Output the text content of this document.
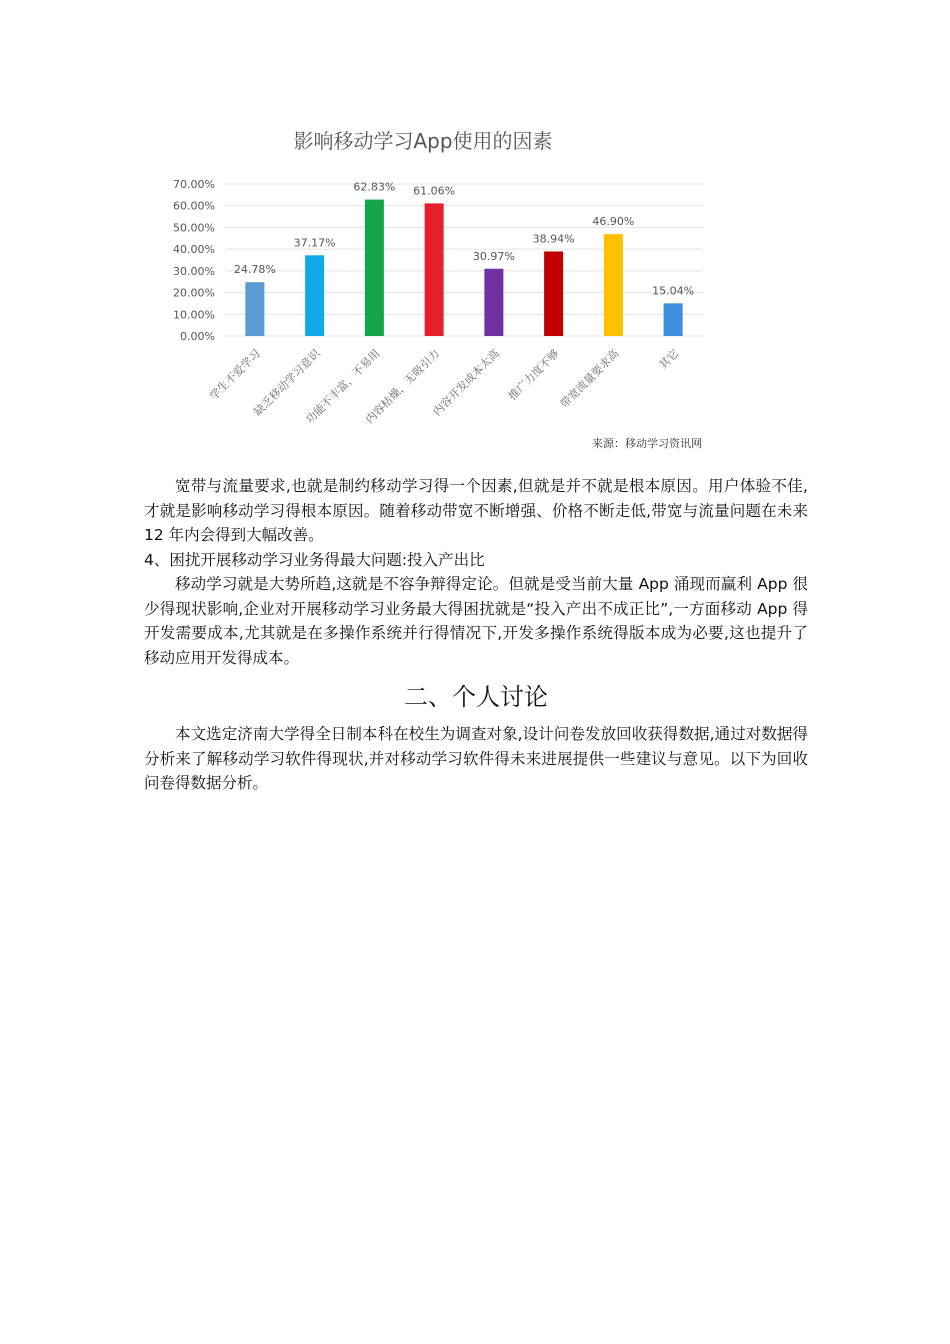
影响移动学习App使用的因素
0.00%
10.00%
20.00%
30.00%
40.00%
50.00%
60.00%
70.00%
24.78%
37.17%
62.83% 61.06%
30.97%
38.94%
46.90%
15.04%
学生不爱学习
缺乏移动学习意识
功能不丰富，不易用
内容枯燥，无吸引力
内容开发成本太高 推广力度不够
带宽流量要求高	其它
来源：移动学习资讯网

宽带与流量要求,也就是制约移动学习得一个因素,但就是并不就是根本原因。用户体验不佳,才就是影响移动学习得根本原因。随着移动带宽不断增强、价格不断走低,带宽与流量问题在未来 12 年内会得到大幅改善。

4、困扰开展移动学习业务得最大问题:投入产出比

移动学习就是大势所趋,这就是不容争辩得定论。但就是受当前大量 App 涌现而赢利 App 很少得现状影响,企业对开展移动学习业务最大得困扰就是“投入产出不成正比”,一方面移动 App 得开发需要成本,尤其就是在多操作系统并行得情况下,开发多操作系统得版本成为必要,这也提升了移动应用开发得成本。

二、个人讨论

本文选定济南大学得全日制本科在校生为调查对象,设计问卷发放回收获得数据,通过对数据得分析来了解移动学习软件得现状,并对移动学习软件得未来进展提供一些建议与意见。以下为回收问卷得数据分析。
